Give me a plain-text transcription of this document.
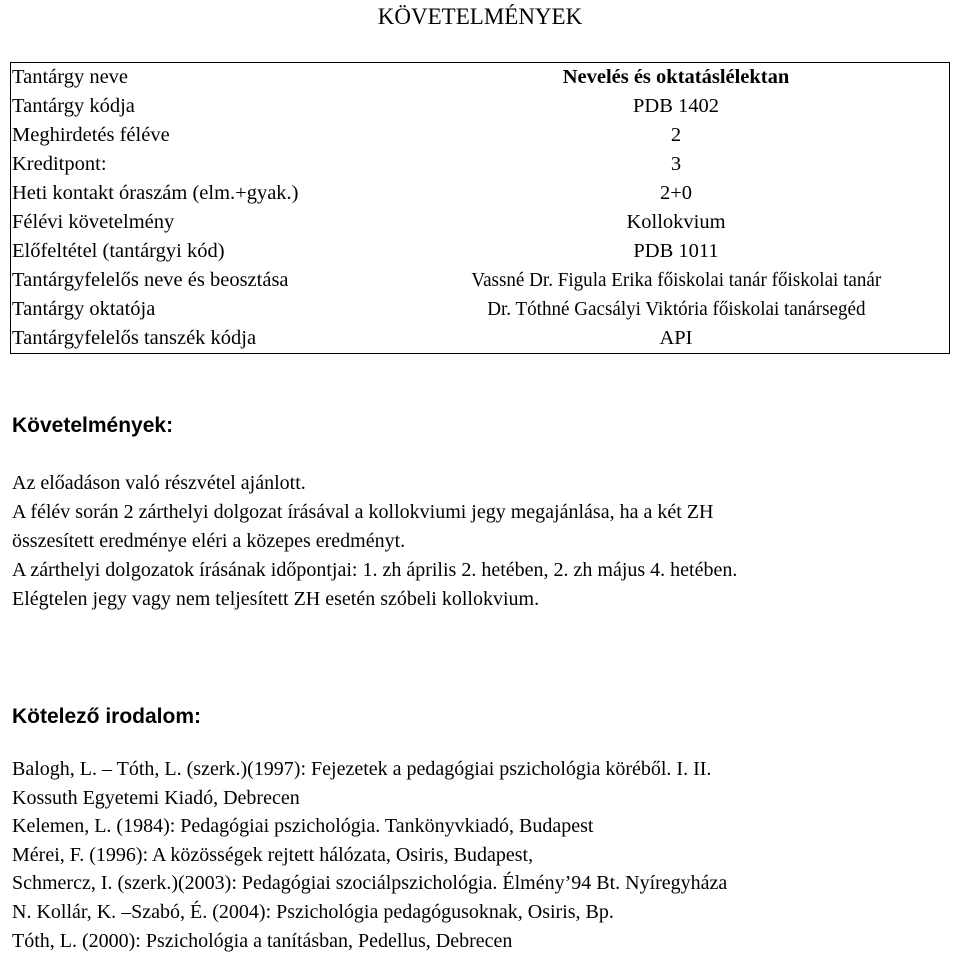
KÖVETELMÉNYEK
Tantárgy neve	Nevelés és oktatáslélektan
Tantárgy kódja	PDB 1402
Meghirdetés féléve	2
Kreditpont:	3
Heti kontakt óraszám (elm.+gyak.)	2+0
Félévi követelmény	Kollokvium
Előfeltétel (tantárgyi kód)	PDB 1011
Tantárgyfelelős neve és beosztása	Vassné Dr. Figula Erika főiskolai tanár főiskolai tanár
Tantárgy oktatója	Dr. Tóthné Gacsályi Viktória főiskolai tanársegéd
Tantárgyfelelős tanszék kódja	API
Követelmények:
Az előadáson való részvétel ajánlott.
A félév során 2 zárthelyi dolgozat írásával a kollokviumi jegy megajánlása, ha a két ZH
összesített eredménye eléri a közepes eredményt.
A zárthelyi dolgozatok írásának időpontjai: 1. zh április 2. hetében, 2. zh május 4. hetében.
Elégtelen jegy vagy nem teljesített ZH esetén szóbeli kollokvium.
Kötelező irodalom:
Balogh, L. – Tóth, L. (szerk.)(1997): Fejezetek a pedagógiai pszichológia köréből. I. II.
Kossuth Egyetemi Kiadó, Debrecen
Kelemen, L. (1984): Pedagógiai pszichológia. Tankönyvkiadó, Budapest
Mérei, F. (1996): A közösségek rejtett hálózata, Osiris, Budapest,
Schmercz, I. (szerk.)(2003): Pedagógiai szociálpszichológia. Élmény’94 Bt. Nyíregyháza
N. Kollár, K. –Szabó, É. (2004): Pszichológia pedagógusoknak, Osiris, Bp.
Tóth, L. (2000): Pszichológia a tanításban, Pedellus, Debrecen
